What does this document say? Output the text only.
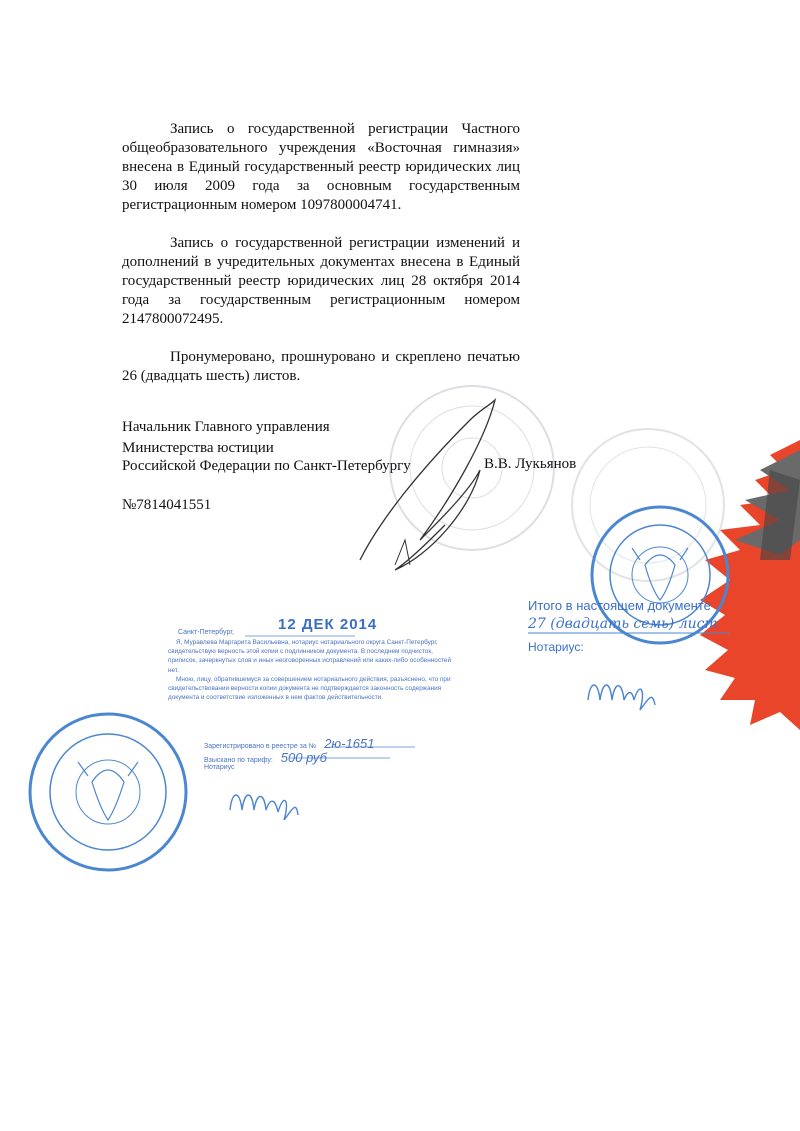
Запись о государственной регистрации Частного общеобразовательного учреждения «Восточная гимназия» внесена в Единый государственный реестр юридических лиц 30 июля 2009 года за основным государственным регистрационным номером 1097800004741.
Запись о государственной регистрации изменений и дополнений в учредительных документах внесена в Единый государственный реестр юридических лиц 28 октября 2014 года за государственным регистрационным номером 2147800072495.
Пронумеровано, прошнуровано и скреплено печатью 26 (двадцать шесть) листов.
Начальник Главного управления
Министерства юстиции
Российской Федерации по Санкт-Петербургу	В.В. Лукьянов
№7814041551
Санкт-Петербург,	12 ДЕК 2014

Я, Муравлева Маргарита Васильевна, нотариус нотариального округа Санкт-Петербург, свидетельствую верность этой копии с подлинником документа. В последнем подчисток, приписок, зачеркнутых слов и иных неоговоренных исправлений или каких-либо особенностей нет.

Мною, лицу, обратившемуся за совершением нотариального действия, разъяснено, что при свидетельствовании верности копии документа не подтверждается законность содержания документа и соответствие изложенных в нем фактов действительности.

Зарегистрировано в реестре за № 2ю-1651
Взыскано по тарифу: 500 руб
Нотариус
Итого в настоящем документе
27 (двадцать семь) лист
Нотариус:
